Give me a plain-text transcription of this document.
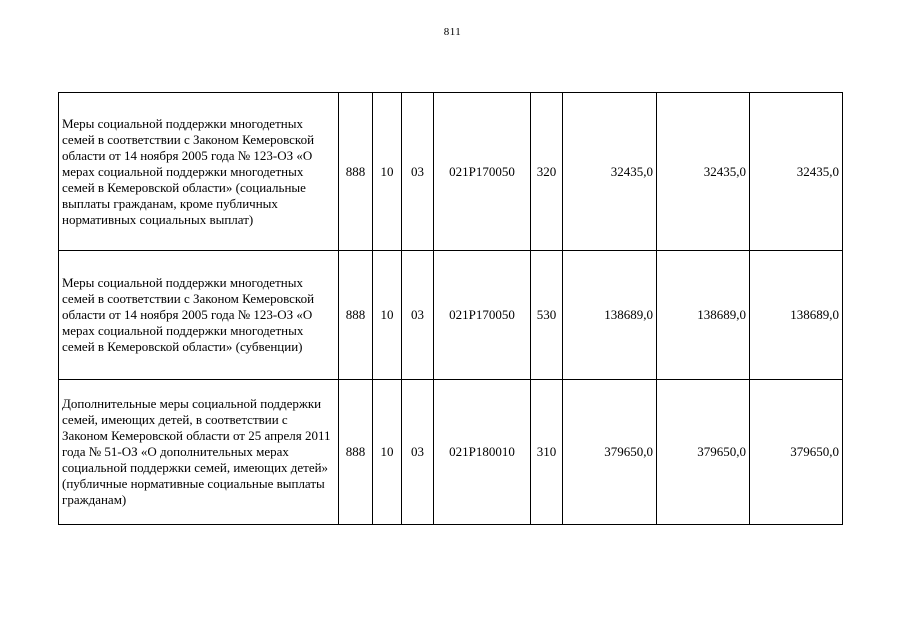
811
Меры социальной поддержки многодетных семей в соответствии с Законом Кемеровской области от 14 ноября 2005 года № 123-ОЗ «О мерах социальной поддержки многодетных семей в Кемеровской области» (социальные выплаты гражданам, кроме публичных нормативных социальных выплат)	888	10	03	021P170050	320	32435,0	32435,0	32435,0
Меры социальной поддержки многодетных семей в соответствии с Законом Кемеровской области от 14 ноября 2005 года № 123-ОЗ «О мерах социальной поддержки многодетных семей в Кемеровской области» (субвенции)	888	10	03	021P170050	530	138689,0	138689,0	138689,0
Дополнительные меры социальной поддержки семей, имеющих детей, в соответствии с Законом Кемеровской области от 25 апреля 2011 года № 51-ОЗ «О дополнительных мерах социальной поддержки семей, имеющих детей» (публичные нормативные социальные выплаты гражданам)	888	10	03	021P180010	310	379650,0	379650,0	379650,0
